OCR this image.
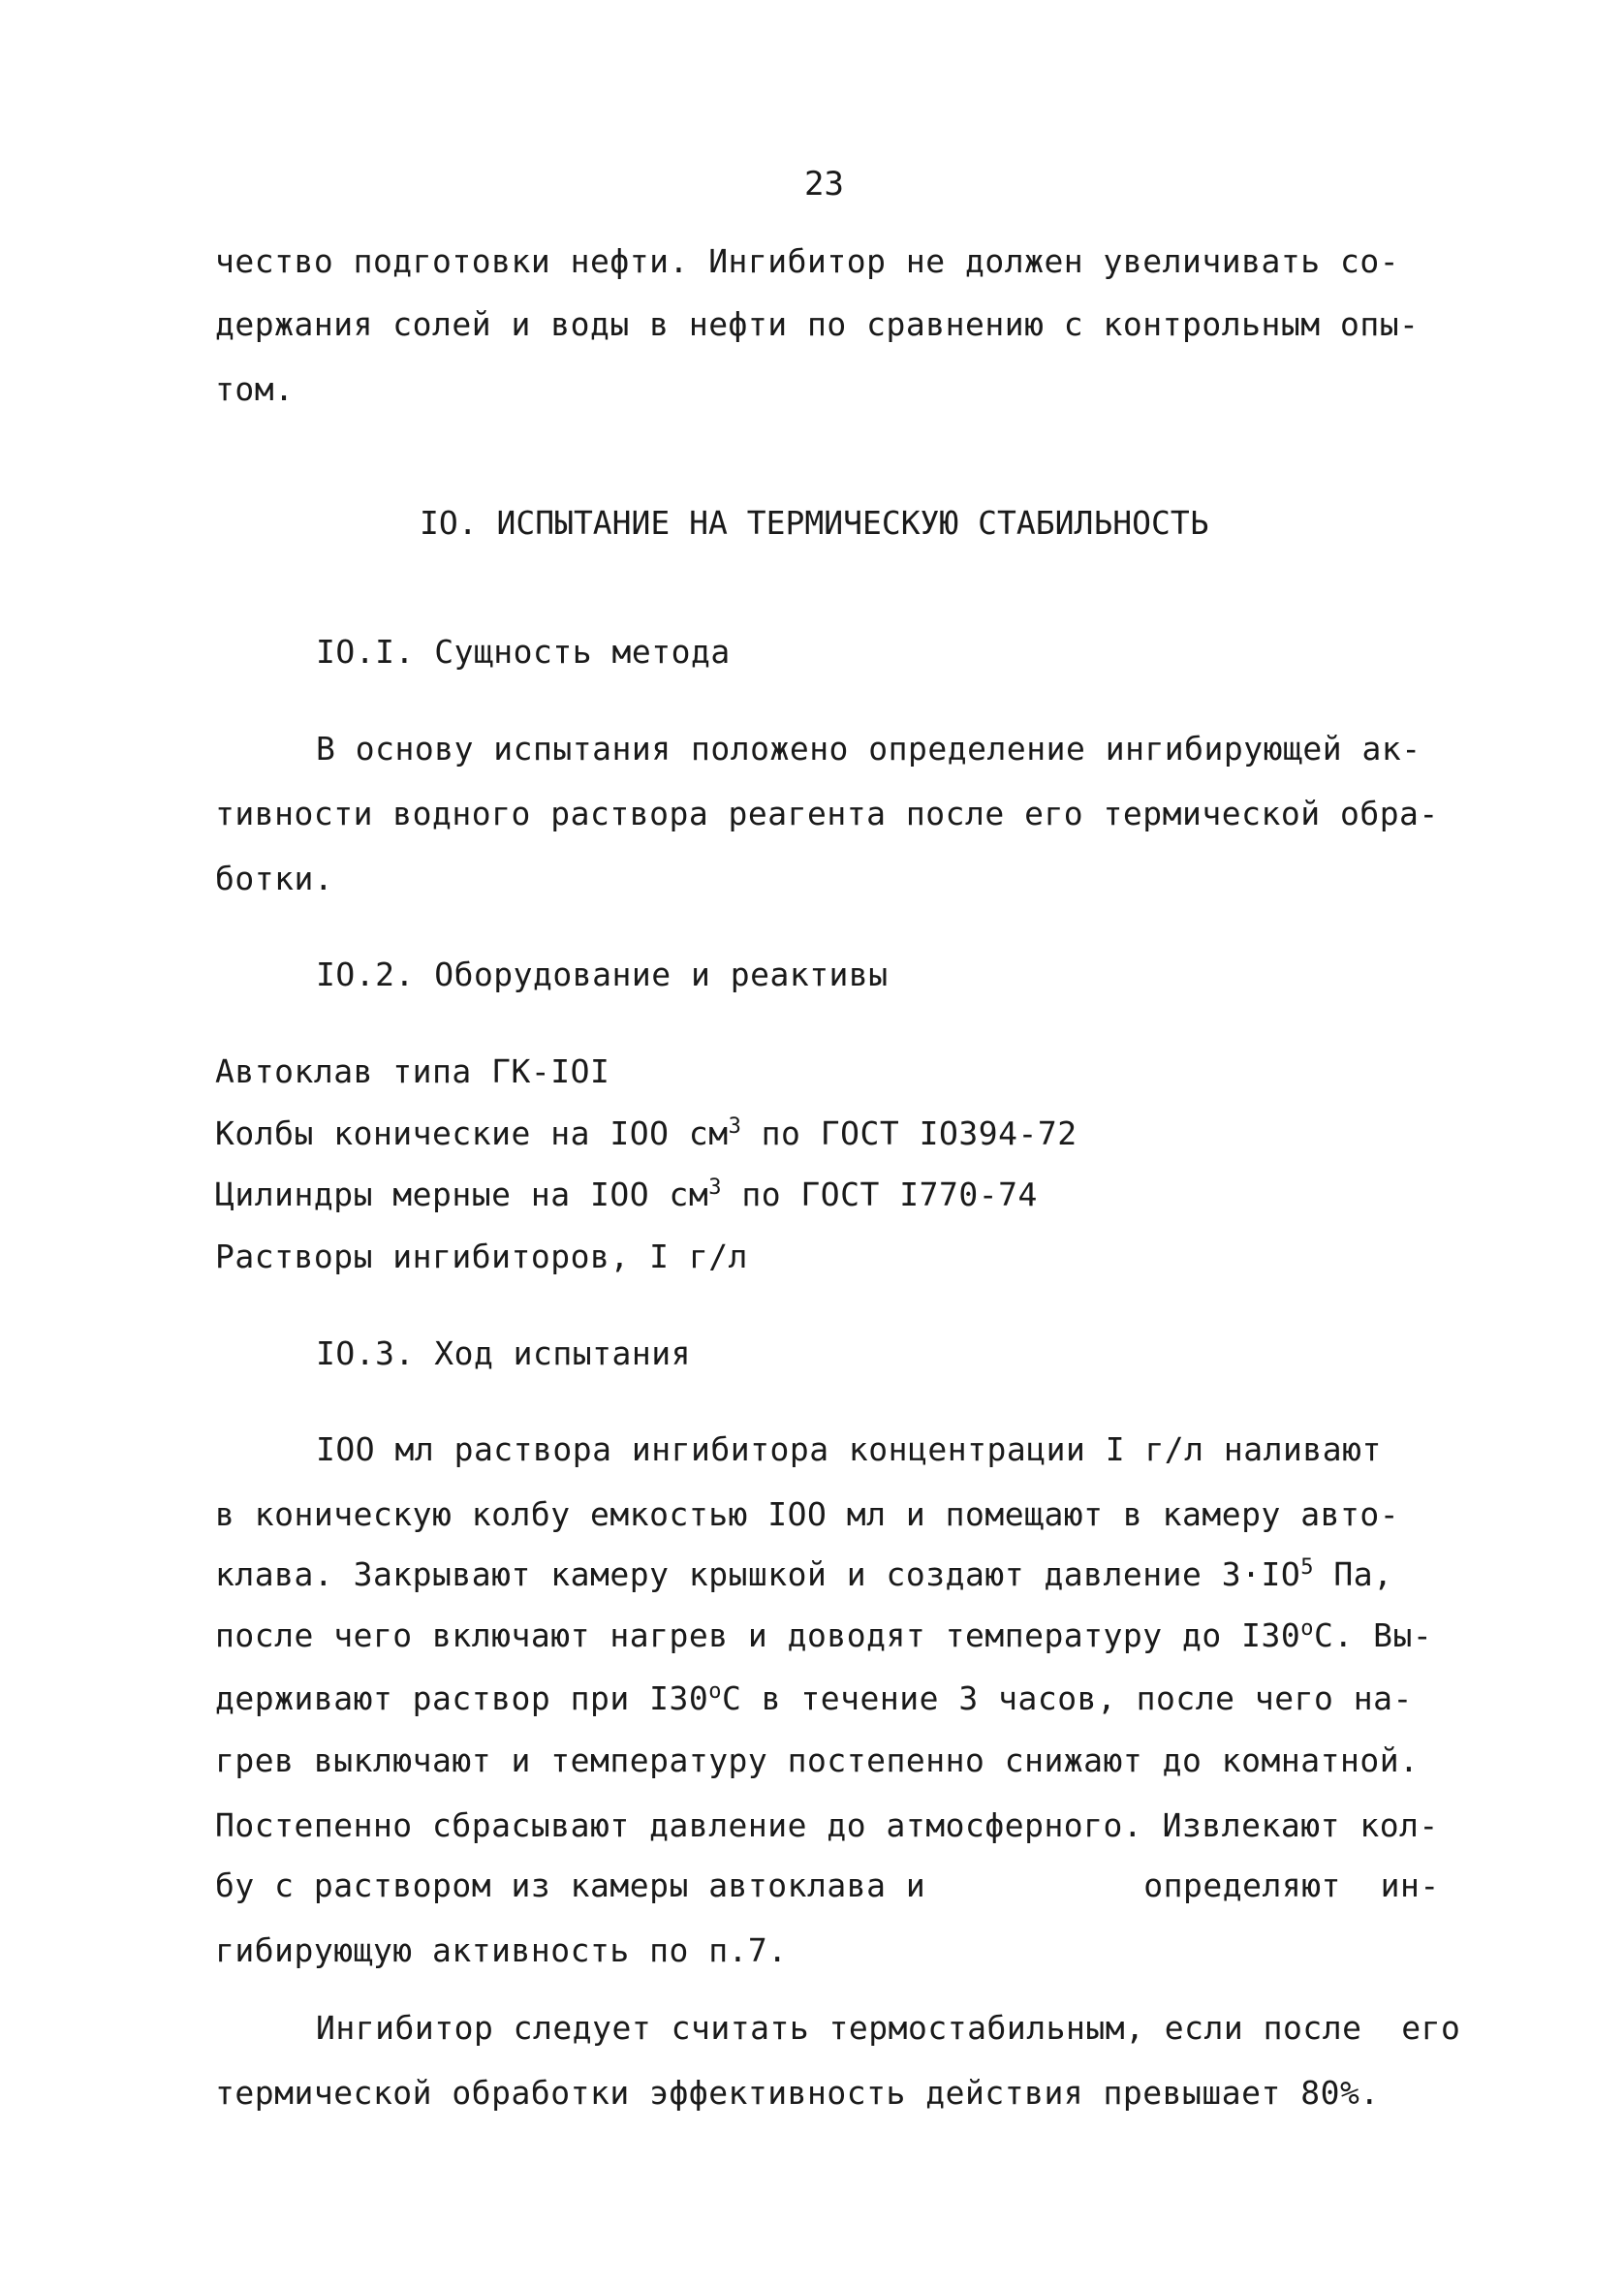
23
чество подготовки нефти. Ингибитор не должен увеличивать со-
держания солей и воды в нефти по сравнению с контрольным опы-
том.
IO. ИСПЫТАНИЕ НА ТЕРМИЧЕСКУЮ СТАБИЛЬНОСТЬ
IO.I. Сущность метода
В основу испытания положено определение ингибирующей ак-
тивности водного раствора реагента после его термической обра-
ботки.
IO.2. Оборудование и реактивы
Автоклав типа ГК-IOI
Колбы конические на IOO $см^3$ по ГОСТ IO394-72
Цилиндры мерные на IOO $см^3$ по ГОСТ I770-74
Растворы ингибиторов, I г/л
IO.3. Ход испытания
IOO мл раствора ингибитора концентрации I г/л наливают
в коническую колбу емкостью IOO мл и помещают в камеру авто-
клава. Закрывают камеру крышкой и создают давление $3\cdot IO^5$ Па,
после чего включают нагрев и доводят температуру до $I30^оС$. Вы-
держивают раствор при $I30^оС$ в течение 3 часов, после чего на-
грев выключают и температуру постепенно снижают до комнатной.
Постепенно сбрасывают давление до атмосферного. Извлекают кол-
бу с раствором из камеры автоклава и	определяют  ин-
гибирующую активность по п.7.
Ингибитор следует считать термостабильным, если после  его
термической обработки эффективность действия превышает 80%.
